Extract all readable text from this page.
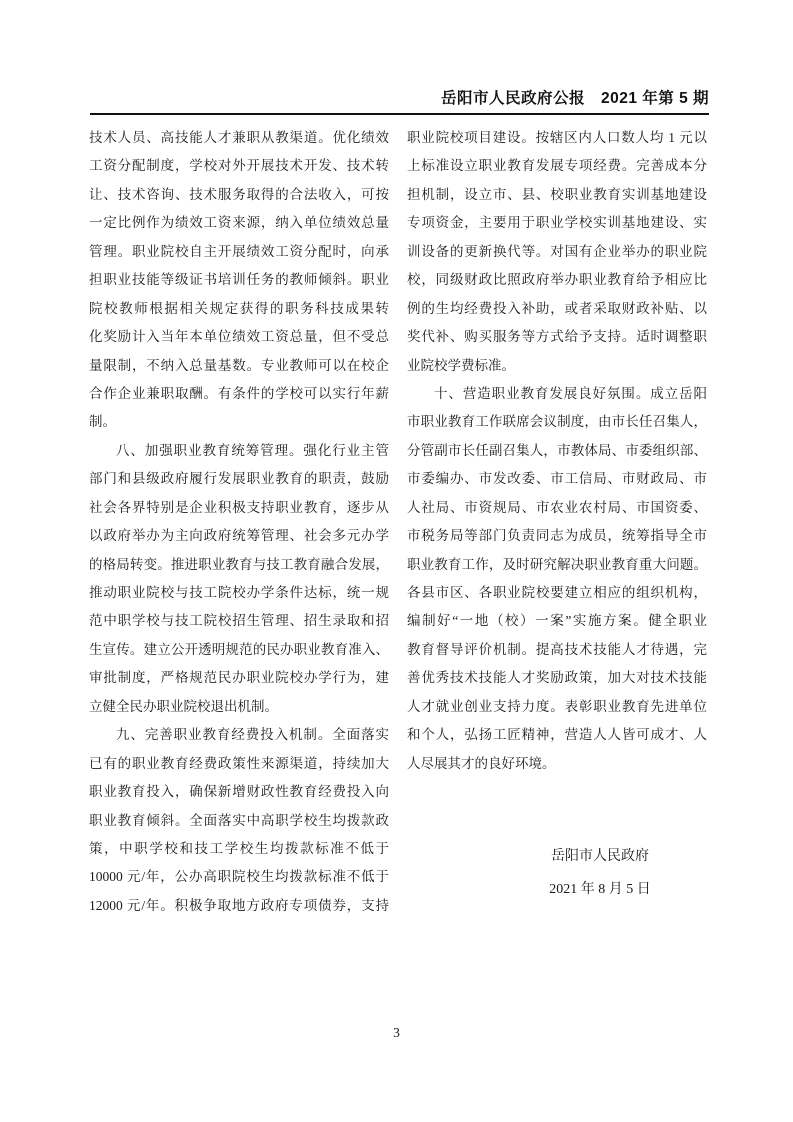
岳阳市人民政府公报 2021 年第 5 期
技术人员、高技能人才兼职从教渠道。优化绩效
工资分配制度，学校对外开展技术开发、技术转
让、技术咨询、技术服务取得的合法收入，可按
一定比例作为绩效工资来源，纳入单位绩效总量
管理。职业院校自主开展绩效工资分配时，向承
担职业技能等级证书培训任务的教师倾斜。职业
院校教师根据相关规定获得的职务科技成果转
化奖励计入当年本单位绩效工资总量，但不受总
量限制，不纳入总量基数。专业教师可以在校企
合作企业兼职取酬。有条件的学校可以实行年薪
制。
八、加强职业教育统筹管理。强化行业主管
部门和县级政府履行发展职业教育的职责，鼓励
社会各界特别是企业积极支持职业教育，逐步从
以政府举办为主向政府统筹管理、社会多元办学
的格局转变。推进职业教育与技工教育融合发展，
推动职业院校与技工院校办学条件达标，统一规
范中职学校与技工院校招生管理、招生录取和招
生宣传。建立公开透明规范的民办职业教育准入、
审批制度，严格规范民办职业院校办学行为，建
立健全民办职业院校退出机制。
九、完善职业教育经费投入机制。全面落实
已有的职业教育经费政策性来源渠道，持续加大
职业教育投入，确保新增财政性教育经费投入向
职业教育倾斜。全面落实中高职学校生均拨款政
策，中职学校和技工学校生均拨款标准不低于
10000 元/年，公办高职院校生均拨款标准不低于
12000 元/年。积极争取地方政府专项债券，支持
职业院校项目建设。按辖区内人口数人均 1 元以
上标准设立职业教育发展专项经费。完善成本分
担机制，设立市、县、校职业教育实训基地建设
专项资金，主要用于职业学校实训基地建设、实
训设备的更新换代等。对国有企业举办的职业院
校，同级财政比照政府举办职业教育给予相应比
例的生均经费投入补助，或者采取财政补贴、以
奖代补、购买服务等方式给予支持。适时调整职
业院校学费标准。
十、营造职业教育发展良好氛围。成立岳阳
市职业教育工作联席会议制度，由市长任召集人，
分管副市长任副召集人，市教体局、市委组织部、
市委编办、市发改委、市工信局、市财政局、市
人社局、市资规局、市农业农村局、市国资委、
市税务局等部门负责同志为成员，统筹指导全市
职业教育工作，及时研究解决职业教育重大问题。
各县市区、各职业院校要建立相应的组织机构，
编制好“一地（校）一案”实施方案。健全职业
教育督导评价机制。提高技术技能人才待遇，完
善优秀技术技能人才奖励政策，加大对技术技能
人才就业创业支持力度。表彰职业教育先进单位
和个人，弘扬工匠精神，营造人人皆可成才、人
人尽展其才的良好环境。
岳阳市人民政府
2021 年 8 月 5 日
3
